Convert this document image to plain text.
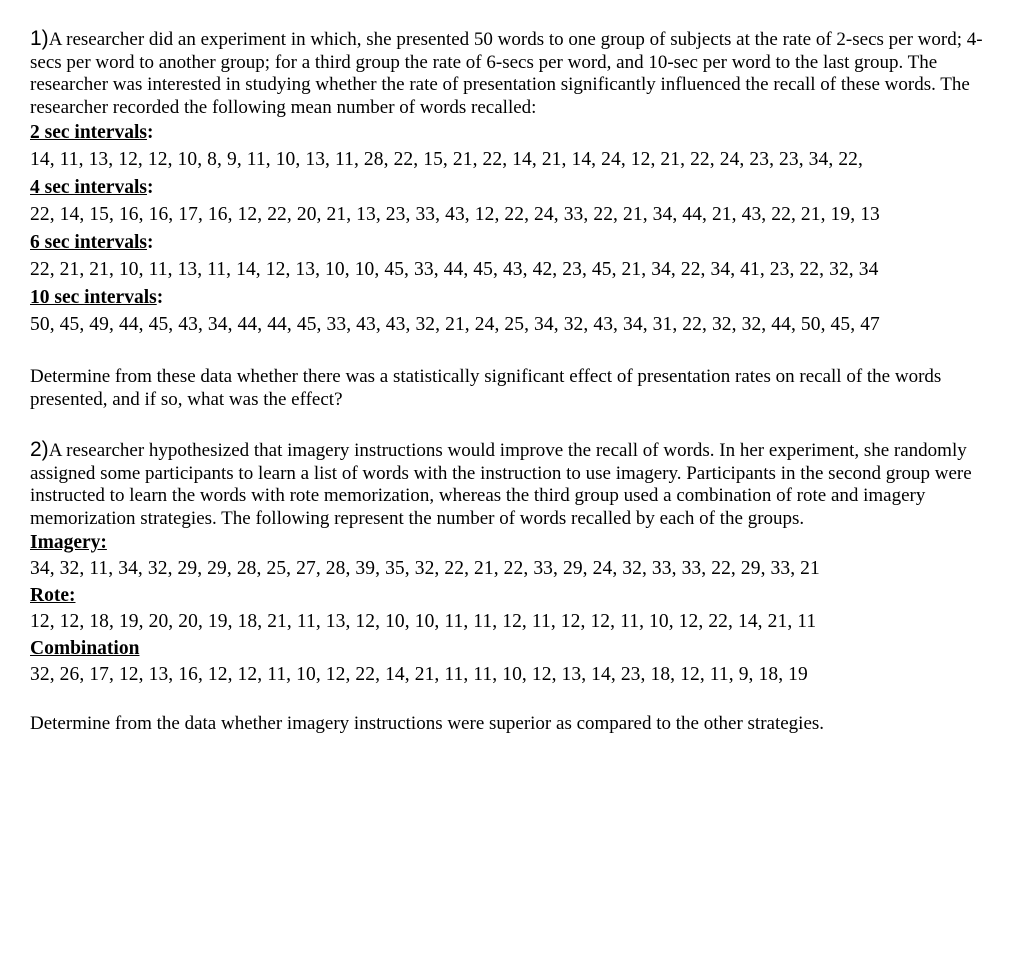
1)A researcher did an experiment in which, she presented 50 words to one group of subjects at the rate of 2-secs per word; 4-secs per word to another group; for a third group the rate of 6-secs per word, and 10-sec per word to the last group. The researcher was interested in studying whether the rate of presentation significantly influenced the recall of these words. The researcher recorded the following mean number of words recalled:

2 sec intervals:

14, 11, 13, 12, 12, 10, 8, 9, 11, 10, 13, 11, 28, 22, 15, 21, 22, 14, 21, 14, 24, 12, 21, 22, 24, 23, 23, 34, 22,

4 sec intervals:

22, 14, 15, 16, 16, 17, 16, 12, 22, 20, 21, 13, 23, 33, 43, 12, 22, 24, 33, 22, 21, 34, 44, 21, 43, 22, 21, 19, 13

6 sec intervals:

22, 21, 21, 10, 11, 13, 11, 14, 12, 13, 10, 10, 45, 33, 44, 45, 43, 42, 23, 45, 21, 34, 22, 34, 41, 23, 22, 32, 34

10 sec intervals:

50, 45, 49, 44, 45, 43, 34, 44, 44, 45, 33, 43, 43, 32, 21, 24, 25, 34, 32, 43, 34, 31, 22, 32, 32, 44, 50, 45, 47

Determine from these data whether there was a statistically significant effect of presentation rates on recall of the words presented, and if so, what was the effect?

2)A researcher hypothesized that imagery instructions would improve the recall of words. In her experiment, she randomly assigned some participants to learn a list of words with the instruction to use imagery. Participants in the second group were instructed to learn the words with rote memorization, whereas the third group used a combination of rote and imagery memorization strategies. The following represent the number of words recalled by each of the groups.

Imagery:

34, 32, 11, 34, 32, 29, 29, 28, 25, 27, 28, 39, 35, 32, 22, 21, 22, 33, 29, 24, 32, 33, 33, 22, 29, 33, 21

Rote:

12, 12, 18, 19, 20, 20, 19, 18, 21, 11, 13, 12, 10, 10, 11, 11, 12, 11, 12, 12, 11, 10, 12, 22, 14, 21, 11

Combination

32, 26, 17, 12, 13, 16, 12, 12, 11, 10, 12, 22, 14, 21, 11, 11, 10, 12, 13, 14, 23, 18, 12, 11, 9, 18, 19

Determine from the data whether imagery instructions were superior as compared to the other strategies.
